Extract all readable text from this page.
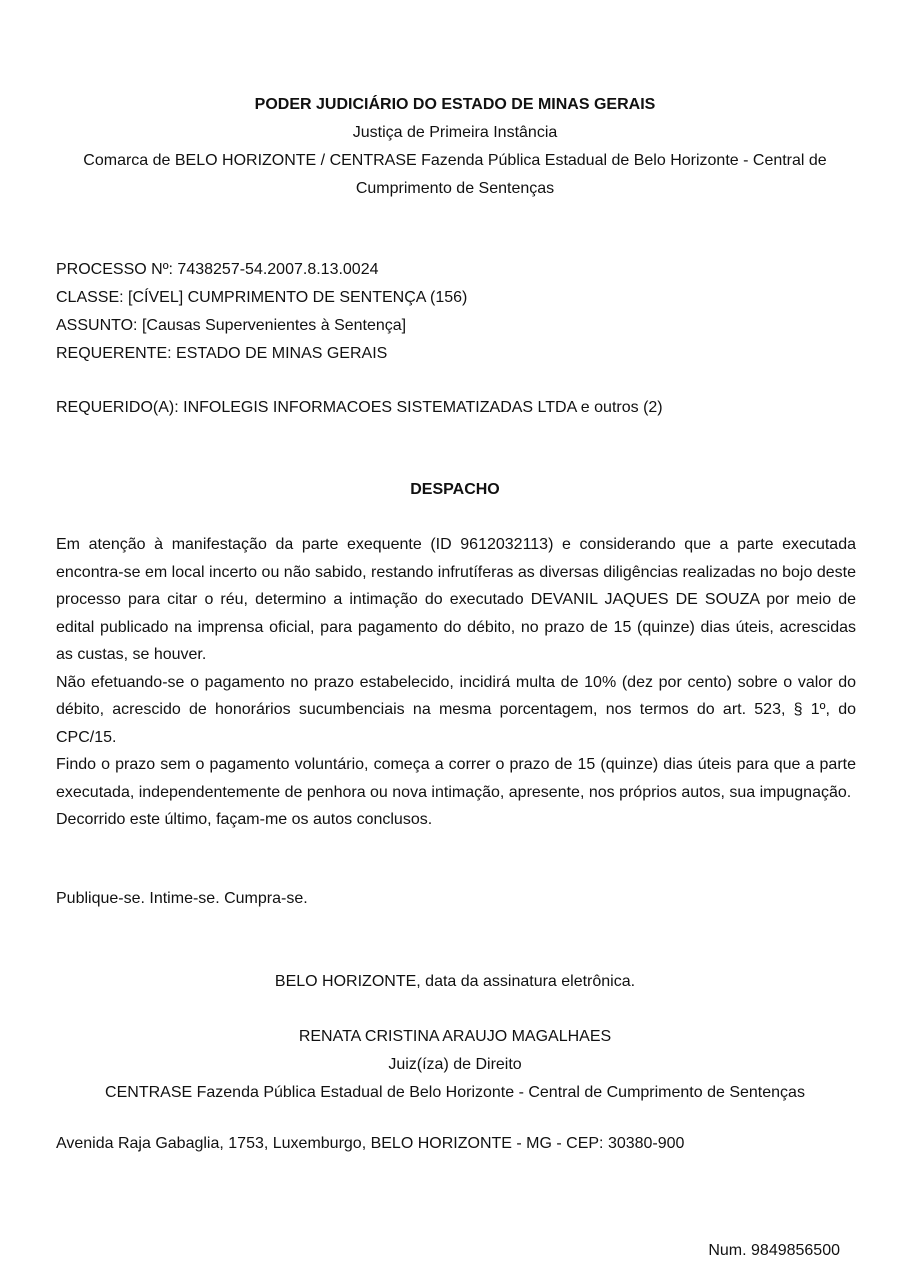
PODER JUDICIÁRIO DO ESTADO DE MINAS GERAIS
Justiça de Primeira Instância
Comarca de BELO HORIZONTE / CENTRASE Fazenda Pública Estadual de Belo Horizonte - Central de
Cumprimento de Sentenças
PROCESSO Nº: 7438257-54.2007.8.13.0024
CLASSE: [CÍVEL] CUMPRIMENTO DE SENTENÇA (156)
ASSUNTO: [Causas Supervenientes à Sentença]
REQUERENTE: ESTADO DE MINAS GERAIS
REQUERIDO(A): INFOLEGIS INFORMACOES SISTEMATIZADAS LTDA e outros (2)
DESPACHO

Em atenção à manifestação da parte exequente (ID 9612032113) e considerando que a parte executada encontra-se em local incerto ou não sabido, restando infrutíferas as diversas diligências realizadas no bojo deste processo para citar o réu, determino a intimação do executado DEVANIL JAQUES DE SOUZA por meio de edital publicado na imprensa oficial, para pagamento do débito, no prazo de 15 (quinze) dias úteis, acrescidas as custas, se houver.

Não efetuando-se o pagamento no prazo estabelecido, incidirá multa de 10% (dez por cento) sobre o valor do débito, acrescido de honorários sucumbenciais na mesma porcentagem, nos termos do art. 523, § 1º, do CPC/15.

Findo o prazo sem o pagamento voluntário, começa a correr o prazo de 15 (quinze) dias úteis para que a parte executada, independentemente de penhora ou nova intimação, apresente, nos próprios autos, sua impugnação.

Decorrido este último, façam-me os autos conclusos.

Publique-se. Intime-se. Cumpra-se.
BELO HORIZONTE, data da assinatura eletrônica.
RENATA CRISTINA ARAUJO MAGALHAES
Juiz(íza) de Direito
CENTRASE Fazenda Pública Estadual de Belo Horizonte - Central de Cumprimento de Sentenças
Avenida Raja Gabaglia, 1753, Luxemburgo, BELO HORIZONTE - MG - CEP: 30380-900
Num. 9849856500
